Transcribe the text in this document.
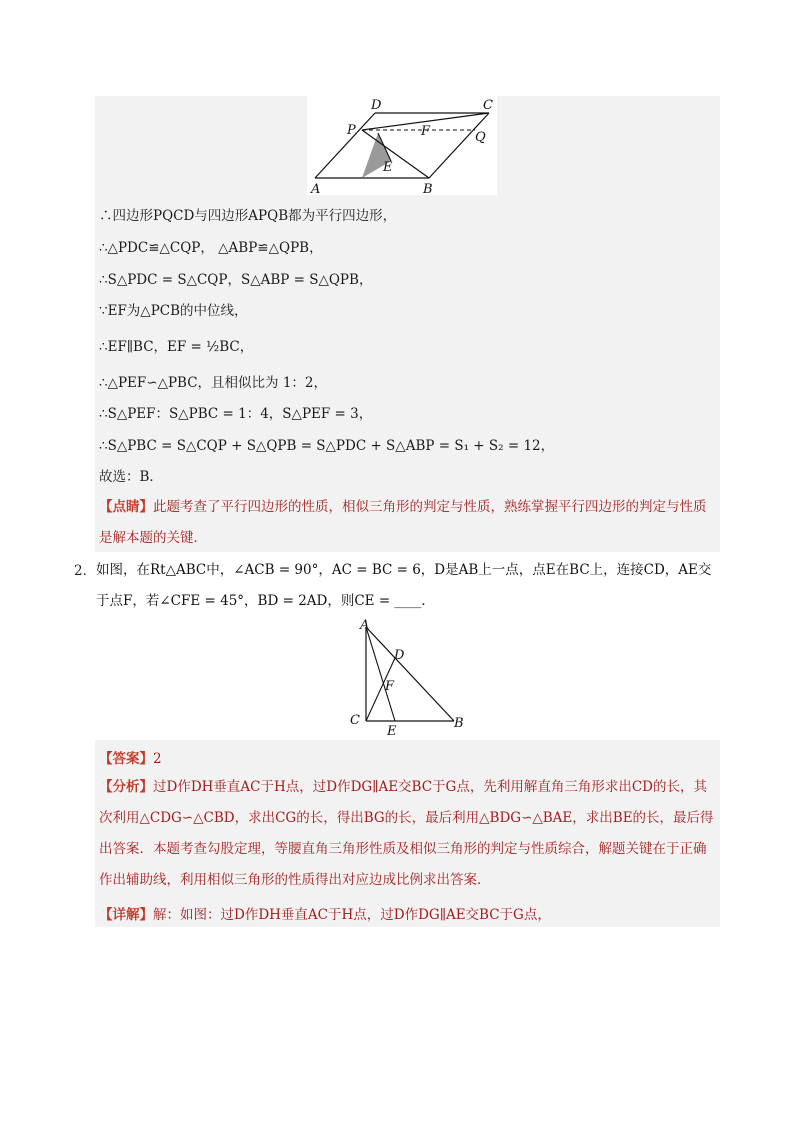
D	C
P	F	Q
E
A	B
∴四边形PQCD与四边形APQB都为平行四边形，
∴△PDC≌△CQP， △ABP≌△QPB，
∴S△PDC = S△CQP，S△ABP = S△QPB，
∵EF为△PCB的中位线，
∴EF∥BC，EF = ½BC，
∴△PEF∽△PBC，且相似比为 1：2，
∴S△PEF：S△PBC = 1：4，S△PEF = 3，
∴S△PBC = S△CQP + S△QPB = S△PDC + S△ABP = S₁ + S₂ = 12，
故选：B．
【点睛】此题考查了平行四边形的性质，相似三角形的判定与性质，熟练掌握平行四边形的判定与性质是解本题的关键．
2． 如图，在Rt△ABC中，∠ACB = 90°，AC = BC = 6，D是AB上一点，点E在BC上，连接CD，AE交于点F，若∠CFE = 45°，BD = 2AD，则CE = ____．
A
D
F
C
E
B
【答案】2
【分析】过D作DH垂直AC于H点，过D作DG∥AE交BC于G点，先利用解直角三角形求出CD的长，其次利用△CDG∽△CBD，求出CG的长，得出BG的长，最后利用△BDG∽△BAE，求出BE的长，最后得出答案．本题考查勾股定理，等腰直角三角形性质及相似三角形的判定与性质综合，解题关键在于正确作出辅助线，利用相似三角形的性质得出对应边成比例求出答案．
【详解】解：如图：过D作DH垂直AC于H点，过D作DG∥AE交BC于G点，
